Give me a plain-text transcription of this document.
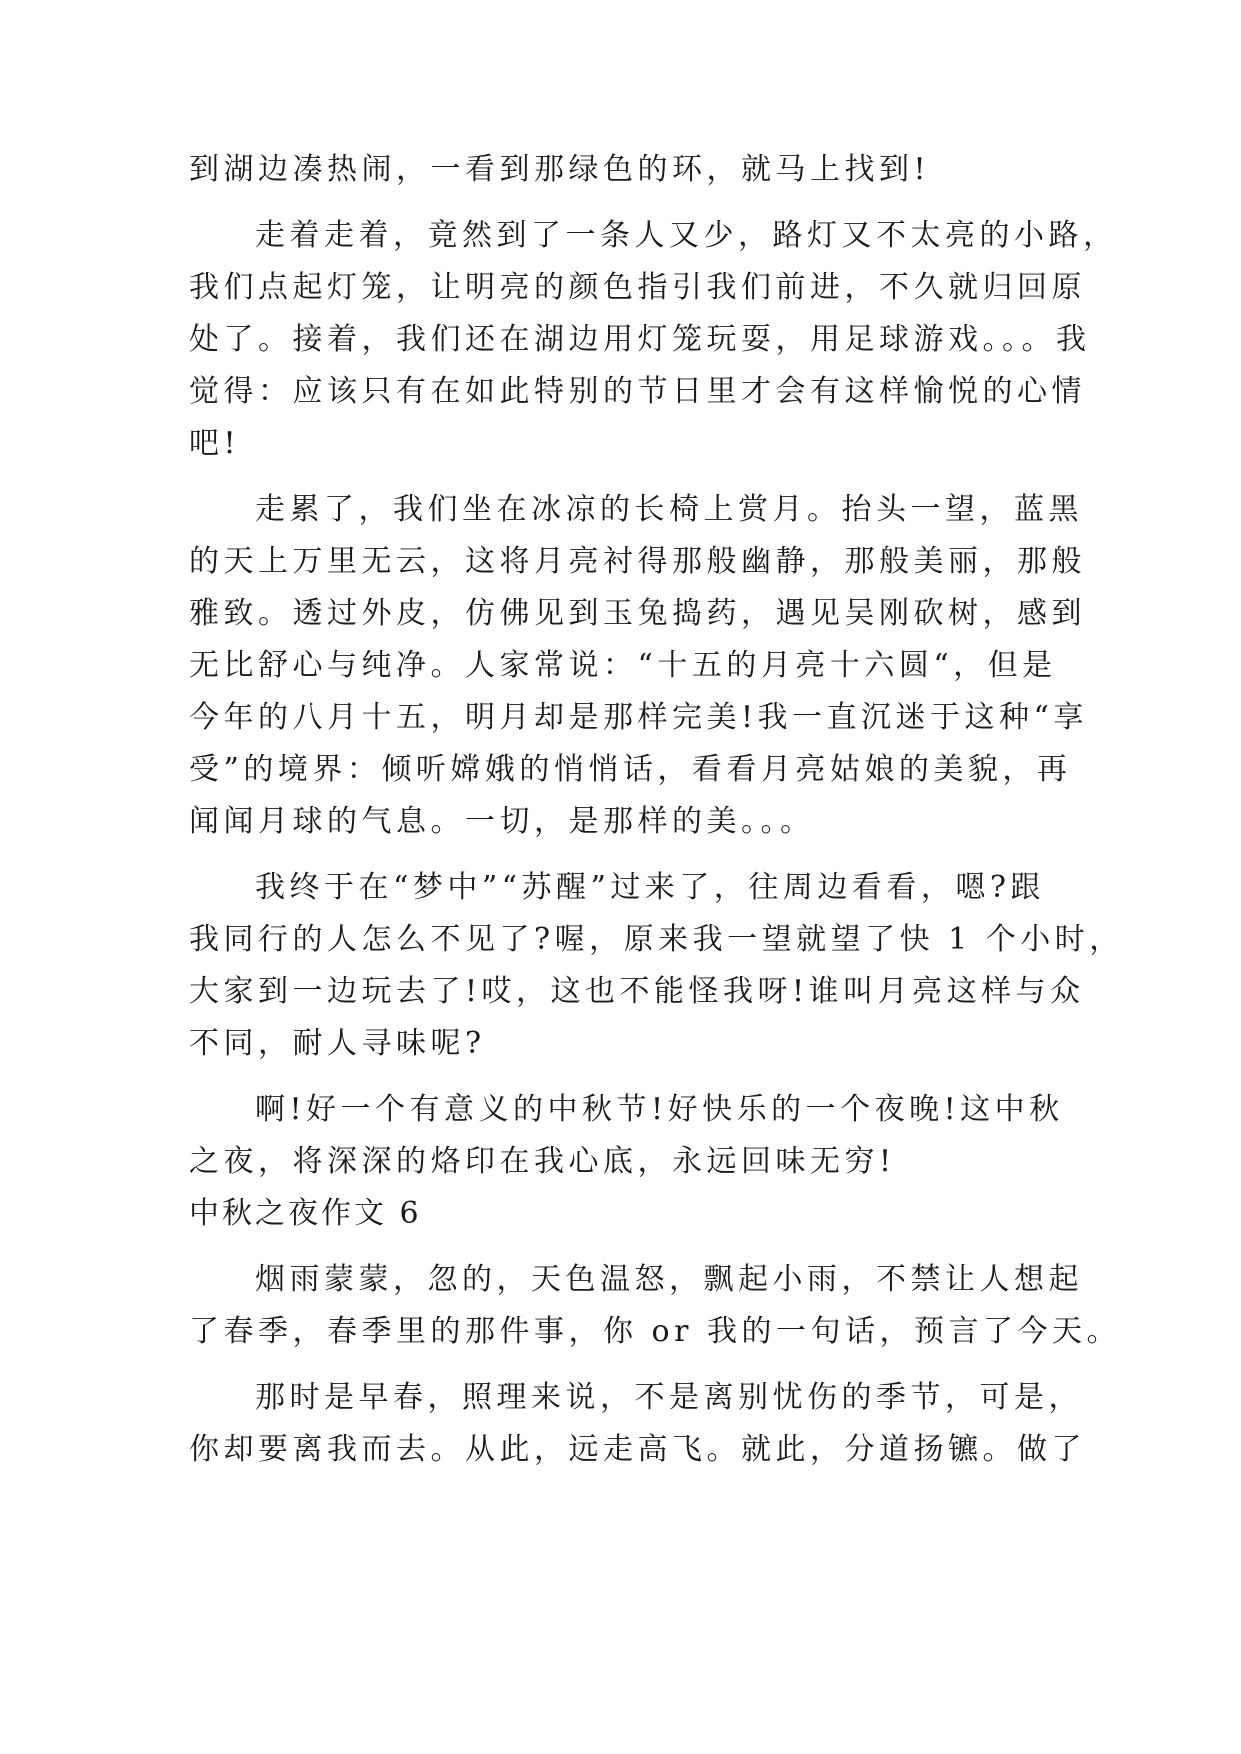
到湖边凑热闹，一看到那绿色的环，就马上找到!
走着走着，竟然到了一条人又少，路灯又不太亮的小路，
我们点起灯笼，让明亮的颜色指引我们前进，不久就归回原
处了。接着，我们还在湖边用灯笼玩耍，用足球游戏。。。我
觉得：应该只有在如此特别的节日里才会有这样愉悦的心情
吧!
走累了，我们坐在冰凉的长椅上赏月。抬头一望，蓝黑
的天上万里无云，这将月亮衬得那般幽静，那般美丽，那般
雅致。透过外皮，仿佛见到玉兔捣药，遇见吴刚砍树，感到
无比舒心与纯净。人家常说：“十五的月亮十六圆“，但是
今年的八月十五，明月却是那样完美!我一直沉迷于这种“享
受”的境界：倾听嫦娥的悄悄话，看看月亮姑娘的美貌，再
闻闻月球的气息。一切，是那样的美。。。
我终于在“梦中”“苏醒”过来了，往周边看看，嗯?跟
我同行的人怎么不见了?喔，原来我一望就望了快 1 个小时，
大家到一边玩去了!哎，这也不能怪我呀!谁叫月亮这样与众
不同，耐人寻味呢?
啊!好一个有意义的中秋节!好快乐的一个夜晚!这中秋
之夜，将深深的烙印在我心底，永远回味无穷!
中秋之夜作文 6
烟雨蒙蒙，忽的，天色温怒，飘起小雨，不禁让人想起
了春季，春季里的那件事，你 or 我的一句话，预言了今天。
那时是早春，照理来说，不是离别忧伤的季节，可是，
你却要离我而去。从此，远走高飞。就此，分道扬镳。做了
